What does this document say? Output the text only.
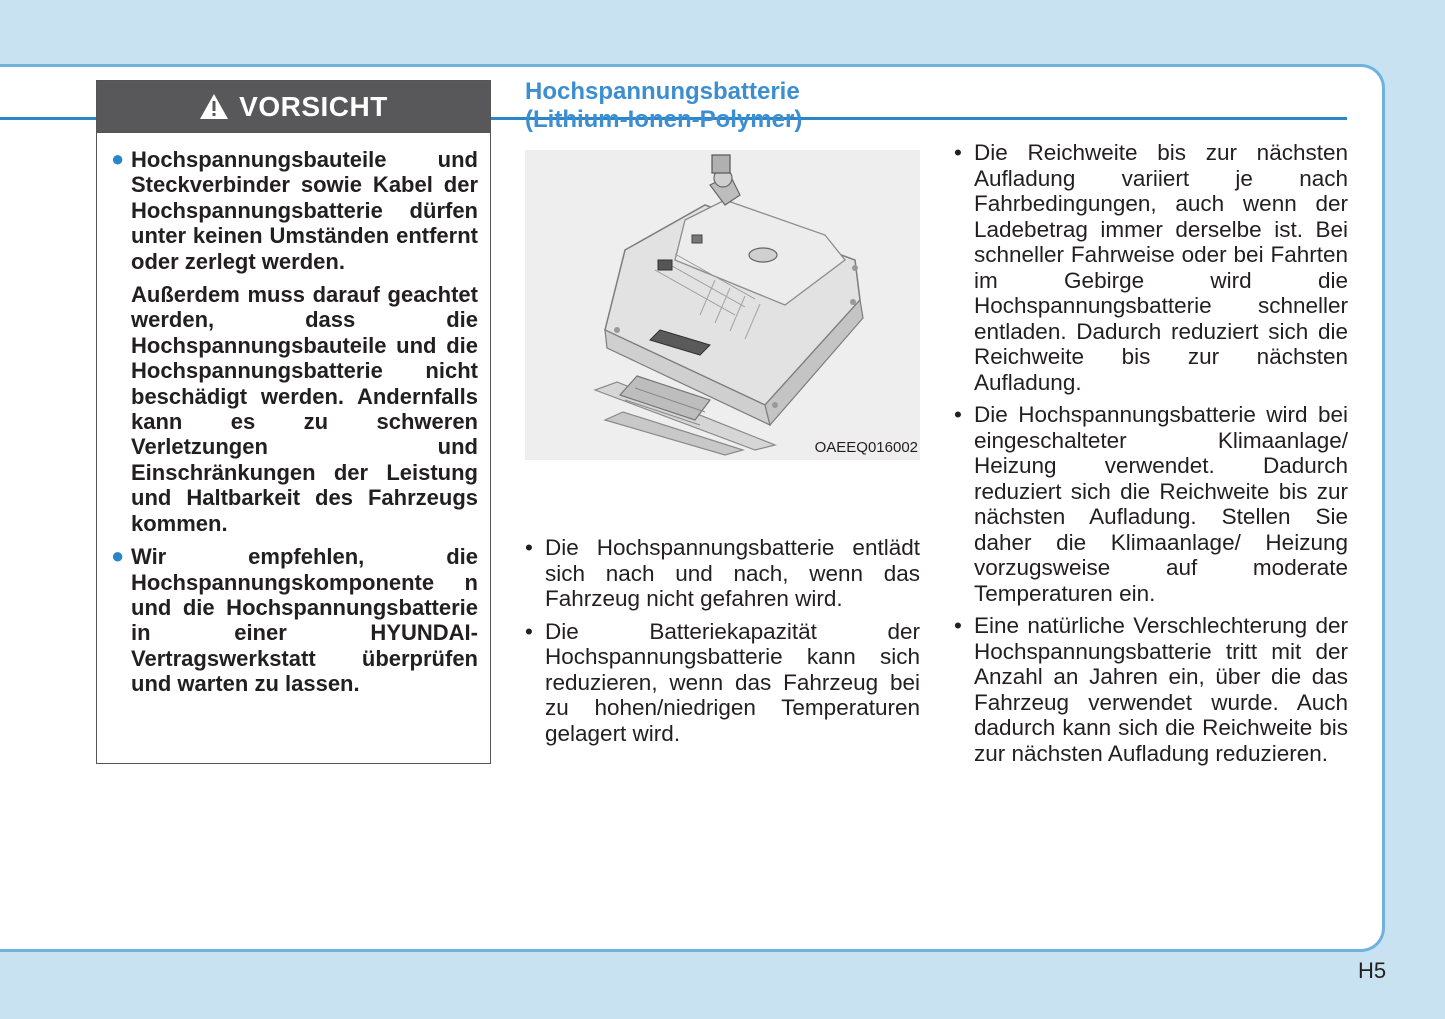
VORSICHT
● Hochspannungsbauteile und Steckverbinder sowie Kabel der Hochspannungsbatterie dürfen unter keinen Umständen entfernt oder zerlegt werden.

Außerdem muss darauf geachtet werden, dass die Hochspannungsbauteile und die Hochspannungsbatterie nicht beschädigt werden. Andernfalls kann es zu schweren Verletzungen und Einschränkungen der Leistung und Haltbarkeit des Fahrzeugs kommen.

● Wir empfehlen, die Hochspannungskomponente n und die Hochspannungsbatterie in einer HYUNDAI-Vertragswerkstatt überprüfen und warten zu lassen.

Hochspannungsbatterie
(Lithium-Ionen-Polymer)
OAEEQ016002
• Die Hochspannungsbatterie entlädt sich nach und nach, wenn das Fahrzeug nicht gefahren wird.
• Die Batteriekapazität der Hochspannungsbatterie kann sich reduzieren, wenn das Fahrzeug bei zu hohen/niedrigen Temperaturen gelagert wird.
• Die Reichweite bis zur nächsten Aufladung variiert je nach Fahrbedingungen, auch wenn der Ladebetrag immer derselbe ist. Bei schneller Fahrweise oder bei Fahrten im Gebirge wird die Hochspannungsbatterie schneller entladen. Dadurch reduziert sich die Reichweite bis zur nächsten Aufladung.
• Die Hochspannungsbatterie wird bei eingeschalteter Klimaanlage/ Heizung verwendet. Dadurch reduziert sich die Reichweite bis zur nächsten Aufladung. Stellen Sie daher die Klimaanlage/ Heizung vorzugsweise auf moderate Temperaturen ein.
• Eine natürliche Verschlechterung der Hochspannungsbatterie tritt mit der Anzahl an Jahren ein, über die das Fahrzeug verwendet wurde. Auch dadurch kann sich die Reichweite bis zur nächsten Aufladung reduzieren.
H5
